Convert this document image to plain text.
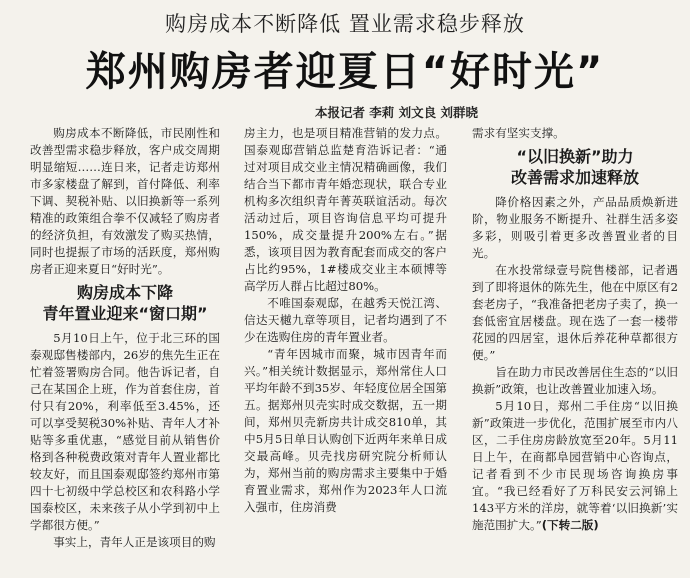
购房成本不断降低 置业需求稳步释放
郑州购房者迎夏日“好时光”
本报记者 李莉 刘文良 刘群晓

购房成本不断降低，市民刚性和改善型需求稳步释放，客户成交周期明显缩短……连日来，记者走访郑州市多家楼盘了解到，首付降低、利率下调、契税补贴、以旧换新等一系列精准的政策组合拳不仅减轻了购房者的经济负担，有效激发了购买热情，同时也提振了市场的活跃度，郑州购房者正迎来夏日“好时光”。

购房成本下降
青年置业迎来“窗口期”

5月10日上午，位于北三环的国泰观邸售楼部内，26岁的焦先生正在忙着签署购房合同。他告诉记者，自己在某国企上班，作为首套住房，首付只有20%，利率低至3.45%，还可以享受契税30%补贴、青年人才补贴等多重优惠，“感觉目前从销售价格到各种税费政策对青年人置业都比较友好，而且国泰观邸签约郑州市第四十七初级中学总校区和农科路小学国泰校区，未来孩子从小学到初中上学都很方便。”

事实上，青年人正是该项目的购

房主力，也是项目精准营销的发力点。国泰观邸营销总监楚育浩诉记者：“通过对项目成交业主情况精确画像，我们结合当下都市青年婚恋现状，联合专业机构多次组织青年菁英联谊活动。每次活动过后，项目咨询信息平均可提升150%，成交量提升200%左右。”据悉，该项目因为教育配套而成交的客户占比约95%，1#楼成交业主本硕博等高学历人群占比超过80%。

不唯国泰观邸，在越秀天悦江湾、信达天樾九章等项目，记者均遇到了不少在选购住房的青年置业者。

“青年因城市而聚，城市因青年而兴。”相关统计数据显示，郑州常住人口平均年龄不到35岁、年轻度位居全国第五。据郑州贝壳实时成交数据，五一期间，郑州贝壳新房共计成交810单，其中5月5日单日认购创下近两年来单日成交最高峰。贝壳找房研究院分析师认为，郑州当前的购房需求主要集中于婚育置业需求，郑州作为2023年人口流入强市，住房消费

需求有坚实支撑。

“以旧换新”助力
改善需求加速释放

降价格因素之外，产品品质焕新进阶，物业服务不断提升、社群生活多姿多彩，则吸引着更多改善置业者的目光。

在水投常绿壹号院售楼部，记者遇到了即将退休的陈先生，他在中原区有2套老房子，“我准备把老房子卖了，换一套低密宜居楼盘。现在选了一套一楼带花园的四居室，退休后养花种草都很方便。”

旨在助力市民改善居住生态的“以旧换新”政策，也让改善置业加速入场。

5月10日，郑州二手住房“以旧换新”政策进一步优化，范围扩展至市内八区，二手住房房龄放宽至20年。5月11日上午，在商都阜园营销中心咨询点，记者看到不少市民现场咨询换房事宜。“我已经看好了万科民安云河锦上143平方米的洋房，就等着‘以旧换新’实施范围扩大。”(下转二版)
